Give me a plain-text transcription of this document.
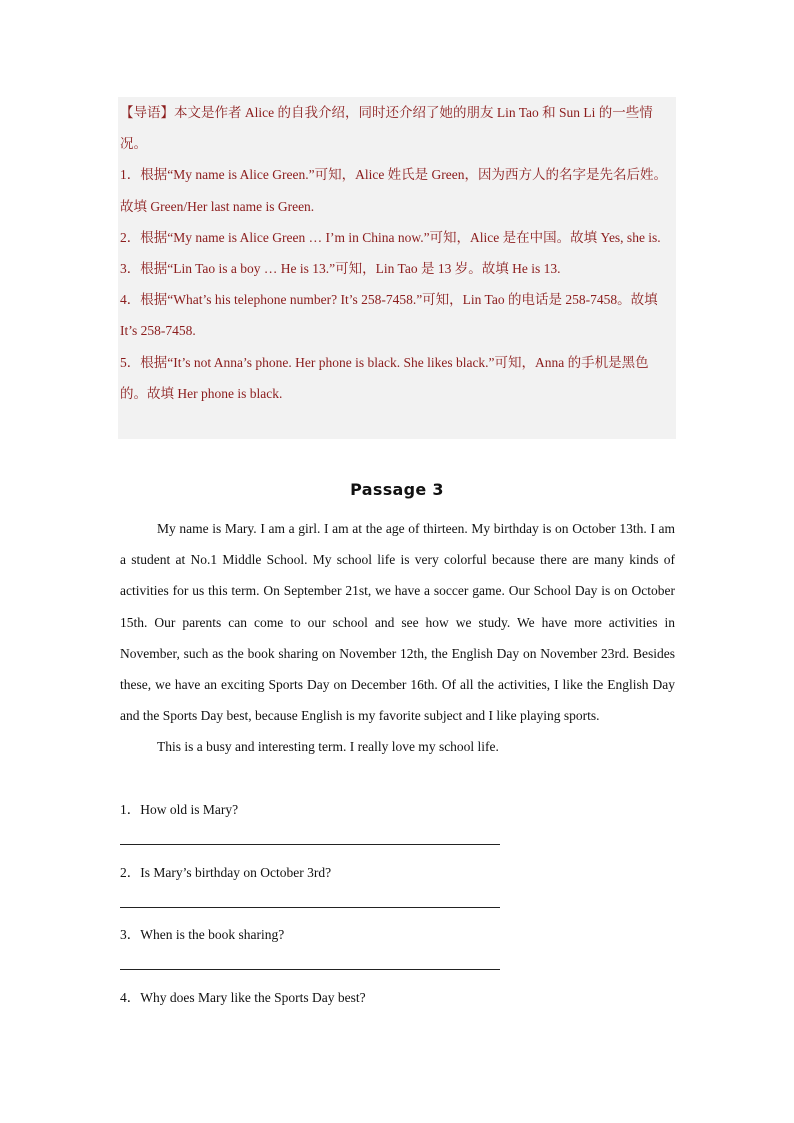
【导语】本文是作者 Alice 的自我介绍，同时还介绍了她的朋友 Lin Tao 和 Sun Li 的一些情况。

1．根据“My name is Alice Green.”可知，Alice 姓氏是 Green，因为西方人的名字是先名后姓。故填 Green/Her last name is Green.

2．根据“My name is Alice Green … I’m in China now.”可知，Alice 是在中国。故填 Yes, she is.

3．根据“Lin Tao is a boy … He is 13.”可知，Lin Tao 是 13 岁。故填 He is 13.

4．根据“What’s his telephone number? It’s 258-7458.”可知，Lin Tao 的电话是 258-7458。故填 It’s 258-7458.

5．根据“It’s not Anna’s phone. Her phone is black. She likes black.”可知，Anna 的手机是黑色的。故填 Her phone is black.

Passage 3

My name is Mary. I am a girl. I am at the age of thirteen. My birthday is on October 13th. I am a student at No.1 Middle School. My school life is very colorful because there are many kinds of activities for us this term. On September 21st, we have a soccer game. Our School Day is on October 15th. Our parents can come to our school and see how we study. We have more activities in November, such as the book sharing on November 12th, the English Day on November 23rd. Besides these, we have an exciting Sports Day on December 16th. Of all the activities, I like the English Day and the Sports Day best, because English is my favorite subject and I like playing sports.

This is a busy and interesting term. I really love my school life.

1．How old is Mary?
2．Is Mary’s birthday on October 3rd?
3．When is the book sharing?
4．Why does Mary like the Sports Day best?
